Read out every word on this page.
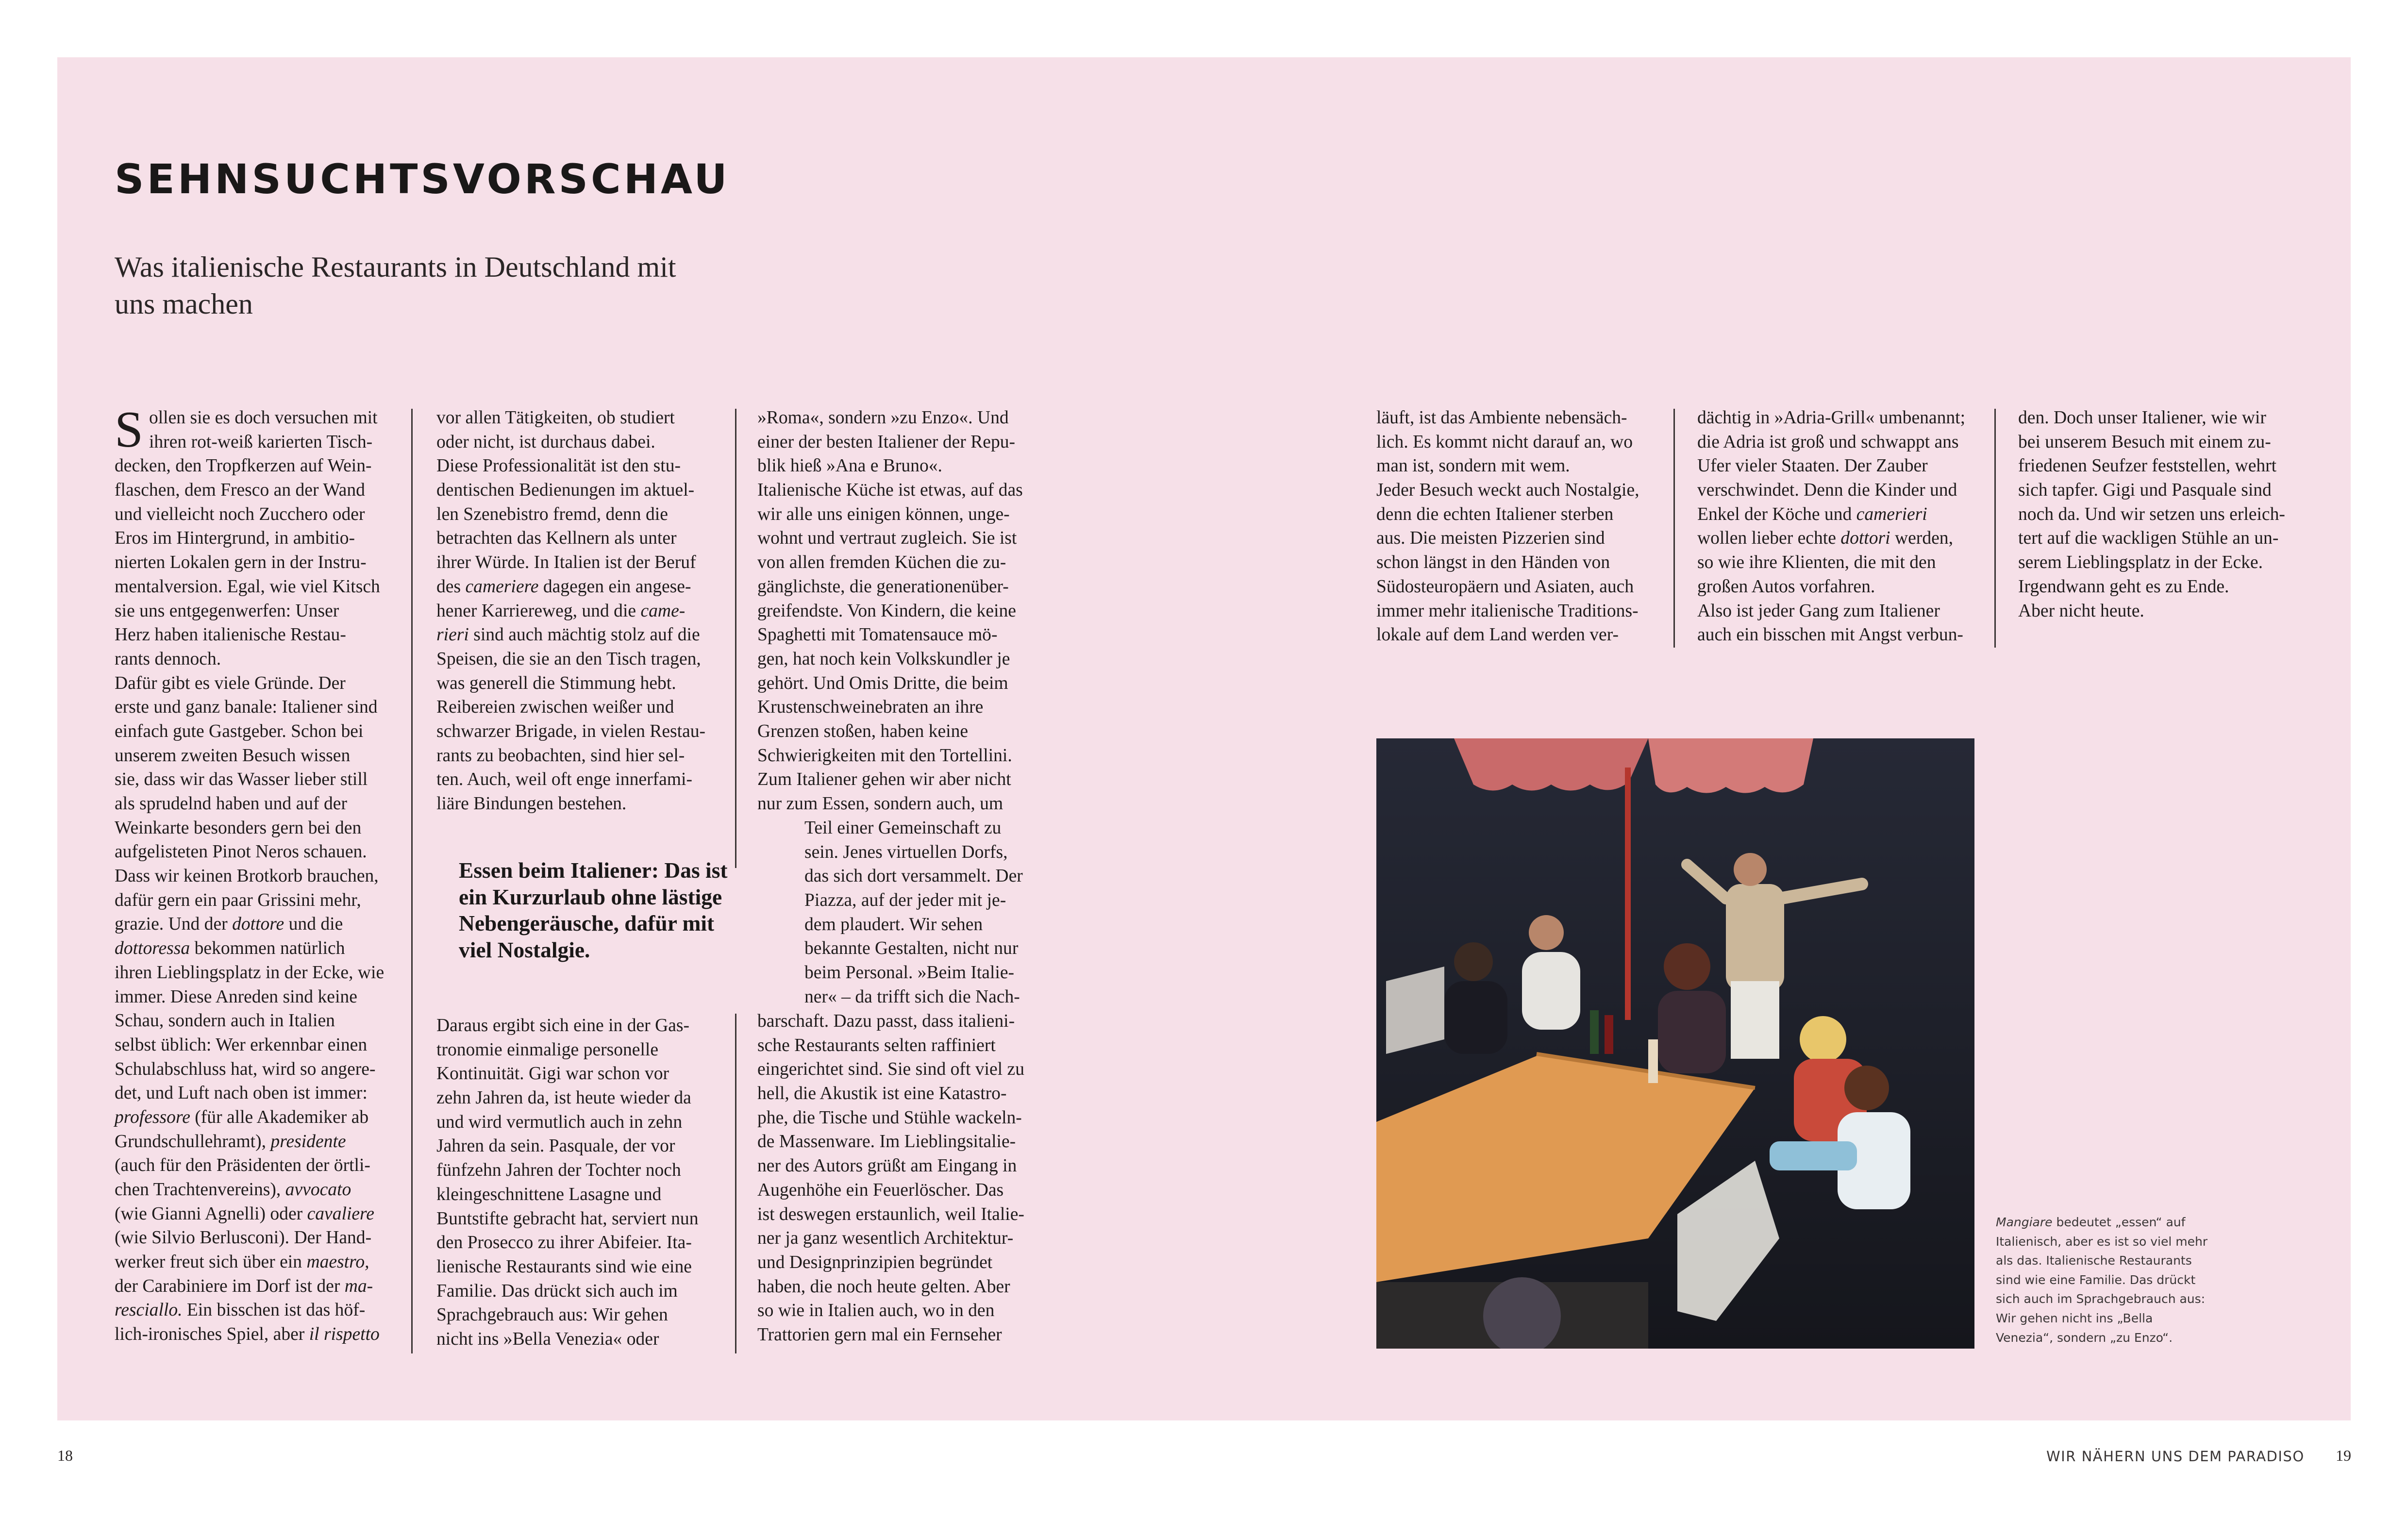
SEHNSUCHTSVORSCHAU
Was italienische Restaurants in Deutschland mit
uns machen
S ollen sie es doch versuchen mit
ihren rot-weiß karierten Tisch-
decken, den Tropfkerzen auf Wein-
flaschen, dem Fresco an der Wand
und vielleicht noch Zucchero oder
Eros im Hintergrund, in ambitio-
nierten Lokalen gern in der Instru-
mentalversion. Egal, wie viel Kitsch
sie uns entgegenwerfen: Unser
Herz haben italienische Restau-
rants dennoch.
Dafür gibt es viele Gründe. Der
erste und ganz banale: Italiener sind
einfach gute Gastgeber. Schon bei
unserem zweiten Besuch wissen
sie, dass wir das Wasser lieber still
als sprudelnd haben und auf der
Weinkarte besonders gern bei den
aufgelisteten Pinot Neros schauen.
Dass wir keinen Brotkorb brauchen,
dafür gern ein paar Grissini mehr,
grazie. Und der dottore und die
dottoressa bekommen natürlich
ihren Lieblingsplatz in der Ecke, wie
immer. Diese Anreden sind keine
Schau, sondern auch in Italien
selbst üblich: Wer erkennbar einen
Schulabschluss hat, wird so angere-
det, und Luft nach oben ist immer:
professore (für alle Akademiker ab
Grundschullehramt), presidente
(auch für den Präsidenten der örtli-
chen Trachtenvereins), avvocato
(wie Gianni Agnelli) oder cavaliere
(wie Silvio Berlusconi). Der Hand-
werker freut sich über ein maestro,
der Carabiniere im Dorf ist der ma-
resciallo. Ein bisschen ist das höf-
lich-ironisches Spiel, aber il rispetto
vor allen Tätigkeiten, ob studiert
oder nicht, ist durchaus dabei.
Diese Professionalität ist den stu-
dentischen Bedienungen im aktuel-
len Szenebistro fremd, denn die
betrachten das Kellnern als unter
ihrer Würde. In Italien ist der Beruf
des cameriere dagegen ein angese-
hener Karriereweg, und die came-
rieri sind auch mächtig stolz auf die
Speisen, die sie an den Tisch tragen,
was generell die Stimmung hebt.
Reibereien zwischen weißer und
schwarzer Brigade, in vielen Restau-
rants zu beobachten, sind hier sel-
ten. Auch, weil oft enge innerfami-
liäre Bindungen bestehen.
Essen beim Italiener: Das ist
ein Kurzurlaub ohne lästige
Nebengeräusche, dafür mit
viel Nostalgie.
Daraus ergibt sich eine in der Gas-
tronomie einmalige personelle
Kontinuität. Gigi war schon vor
zehn Jahren da, ist heute wieder da
und wird vermutlich auch in zehn
Jahren da sein. Pasquale, der vor
fünfzehn Jahren der Tochter noch
kleingeschnittene Lasagne und
Buntstifte gebracht hat, serviert nun
den Prosecco zu ihrer Abifeier. Ita-
lienische Restaurants sind wie eine
Familie. Das drückt sich auch im
Sprachgebrauch aus: Wir gehen
nicht ins »Bella Venezia« oder
»Roma«, sondern »zu Enzo«. Und
einer der besten Italiener der Repu-
blik hieß »Ana e Bruno«.
Italienische Küche ist etwas, auf das
wir alle uns einigen können, unge-
wohnt und vertraut zugleich. Sie ist
von allen fremden Küchen die zu-
gänglichste, die generationenüber-
greifendste. Von Kindern, die keine
Spaghetti mit Tomatensauce mö-
gen, hat noch kein Volkskundler je
gehört. Und Omis Dritte, die beim
Krustenschweinebraten an ihre
Grenzen stoßen, haben keine
Schwierigkeiten mit den Tortellini.
Zum Italiener gehen wir aber nicht
nur zum Essen, sondern auch, um
Teil einer Gemeinschaft zu
sein. Jenes virtuellen Dorfs,
das sich dort versammelt. Der
Piazza, auf der jeder mit je-
dem plaudert. Wir sehen
bekannte Gestalten, nicht nur
beim Personal. »Beim Italie-
ner« – da trifft sich die Nach-
barschaft. Dazu passt, dass italieni-
sche Restaurants selten raffiniert
eingerichtet sind. Sie sind oft viel zu
hell, die Akustik ist eine Katastro-
phe, die Tische und Stühle wackeln-
de Massenware. Im Lieblingsitalie-
ner des Autors grüßt am Eingang in
Augenhöhe ein Feuerlöscher. Das
ist deswegen erstaunlich, weil Italie-
ner ja ganz wesentlich Architektur-
und Designprinzipien begründet
haben, die noch heute gelten. Aber
so wie in Italien auch, wo in den
Trattorien gern mal ein Fernseher
läuft, ist das Ambiente nebensäch-
lich. Es kommt nicht darauf an, wo
man ist, sondern mit wem.
Jeder Besuch weckt auch Nostalgie,
denn die echten Italiener sterben
aus. Die meisten Pizzerien sind
schon längst in den Händen von
Südosteuropäern und Asiaten, auch
immer mehr italienische Traditions-
lokale auf dem Land werden ver-
dächtig in »Adria-Grill« umbenannt;
die Adria ist groß und schwappt ans
Ufer vieler Staaten. Der Zauber
verschwindet. Denn die Kinder und
Enkel der Köche und camerieri
wollen lieber echte dottori werden,
so wie ihre Klienten, die mit den
großen Autos vorfahren.
Also ist jeder Gang zum Italiener
auch ein bisschen mit Angst verbun-
den. Doch unser Italiener, wie wir
bei unserem Besuch mit einem zu-
friedenen Seufzer feststellen, wehrt
sich tapfer. Gigi und Pasquale sind
noch da. Und wir setzen uns erleich-
tert auf die wackligen Stühle an un-
serem Lieblingsplatz in der Ecke.
Irgendwann geht es zu Ende.
Aber nicht heute.
Mangiare bedeutet „essen“ auf
Italienisch, aber es ist so viel mehr
als das. Italienische Restaurants
sind wie eine Familie. Das drückt
sich auch im Sprachgebrauch aus:
Wir gehen nicht ins „Bella
Venezia“, sondern „zu Enzo“.
18	WIR NÄHERN UNS DEM PARADISO 19
